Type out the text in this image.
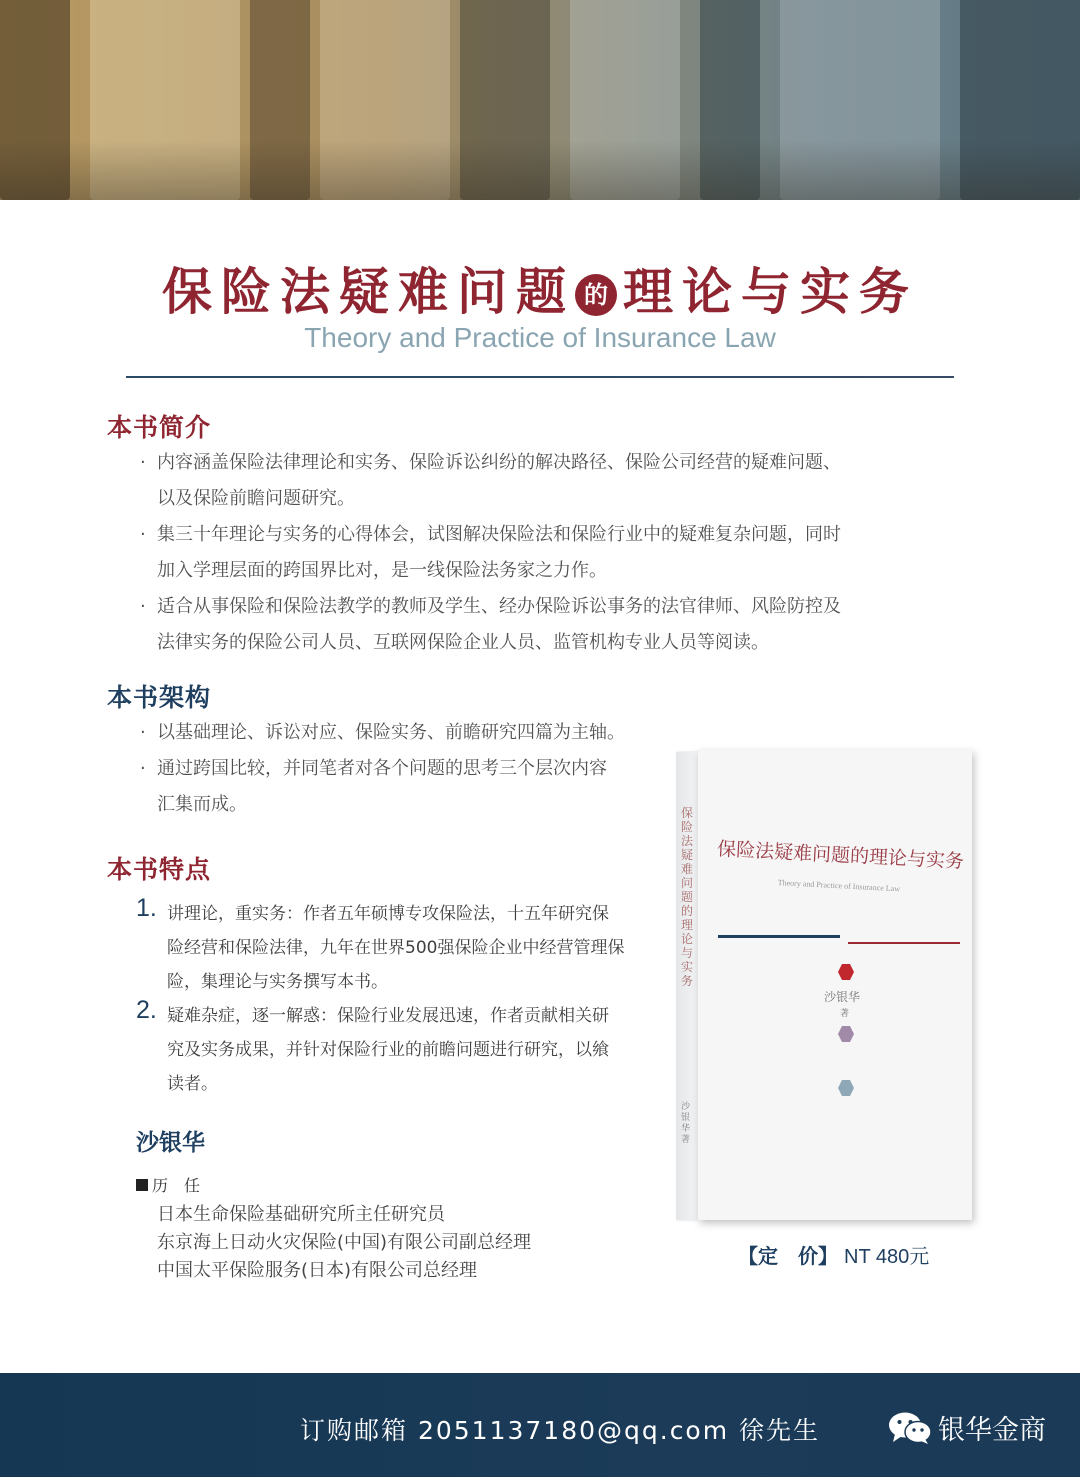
保险法疑难问题 的 理论与实务
Theory and Practice of Insurance Law
本书简介
· 内容涵盖保险法律理论和实务、保险诉讼纠纷的解决路径、保险公司经营的疑难问题、
以及保险前瞻问题研究。
· 集三十年理论与实务的心得体会，试图解决保险法和保险行业中的疑难复杂问题，同时
加入学理层面的跨国界比对，是一线保险法务家之力作。
· 适合从事保险和保险法教学的教师及学生、经办保险诉讼事务的法官律师、风险防控及
法律实务的保险公司人员、互联网保险企业人员、监管机构专业人员等阅读。
本书架构
· 以基础理论、诉讼对应、保险实务、前瞻研究四篇为主轴。
· 通过跨国比较，并同笔者对各个问题的思考三个层次内容
汇集而成。
本书特点
1. 讲理论，重实务：作者五年硕博专攻保险法，十五年研究保
险经营和保险法律，九年在世界500强保险企业中经营管理保
险，集理论与实务撰写本书。
2. 疑难杂症，逐一解惑：保险行业发展迅速，作者贡献相关研
究及实务成果，并针对保险行业的前瞻问题进行研究，以飨
读者。
沙银华
历　任
日本生命保险基础研究所主任研究员
东京海上日动火灾保险(中国)有限公司副总经理
中国太平保险服务(日本)有限公司总经理
保险法疑难问题的理论与实务
沙银华著
保险法疑难问题的理论与实务
Theory and Practice of Insurance Law
沙银华
著
【定　价】 NT 480元
订购邮箱 2051137180@qq.com 徐先生	银华金商
